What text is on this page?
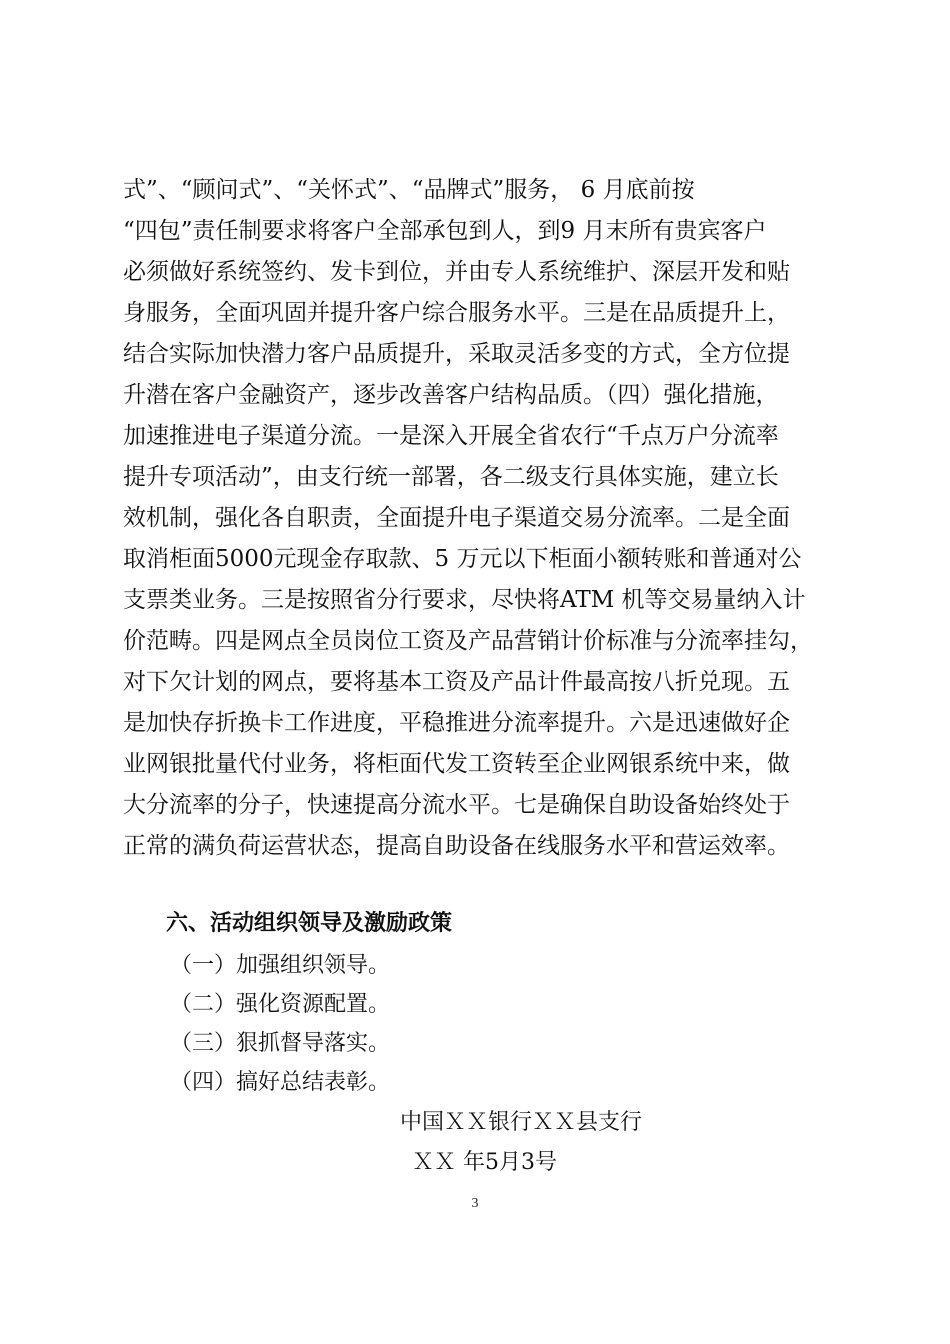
式”、“顾问式”、“关怀式”、“品牌式”服务， 6 月底前按
“四包”责任制要求将客户全部承包到人，到9 月末所有贵宾客户
必须做好系统签约、发卡到位，并由专人系统维护、深层开发和贴
身服务，全面巩固并提升客户综合服务水平。三是在品质提升上，
结合实际加快潜力客户品质提升，采取灵活多变的方式，全方位提
升潜在客户金融资产，逐步改善客户结构品质。（四）强化措施，
加速推进电子渠道分流。一是深入开展全省农行“千点万户分流率
提升专项活动”，由支行统一部署，各二级支行具体实施，建立长
效机制，强化各自职责，全面提升电子渠道交易分流率。二是全面
取消柜面5000元现金存取款、5 万元以下柜面小额转账和普通对公
支票类业务。三是按照省分行要求，尽快将ATM 机等交易量纳入计
价范畴。四是网点全员岗位工资及产品营销计价标准与分流率挂勾，
对下欠计划的网点，要将基本工资及产品计件最高按八折兑现。五
是加快存折换卡工作进度，平稳推进分流率提升。六是迅速做好企
业网银批量代付业务，将柜面代发工资转至企业网银系统中来，做
大分流率的分子，快速提高分流水平。七是确保自助设备始终处于
正常的满负荷运营状态，提高自助设备在线服务水平和营运效率。
六、活动组织领导及激励政策
（一）加强组织领导。
（二）强化资源配置。
（三）狠抓督导落实。
（四）搞好总结表彰。
中国ＸＸ银行ＸＸ县支行
ＸＸ 年5月3号
3
